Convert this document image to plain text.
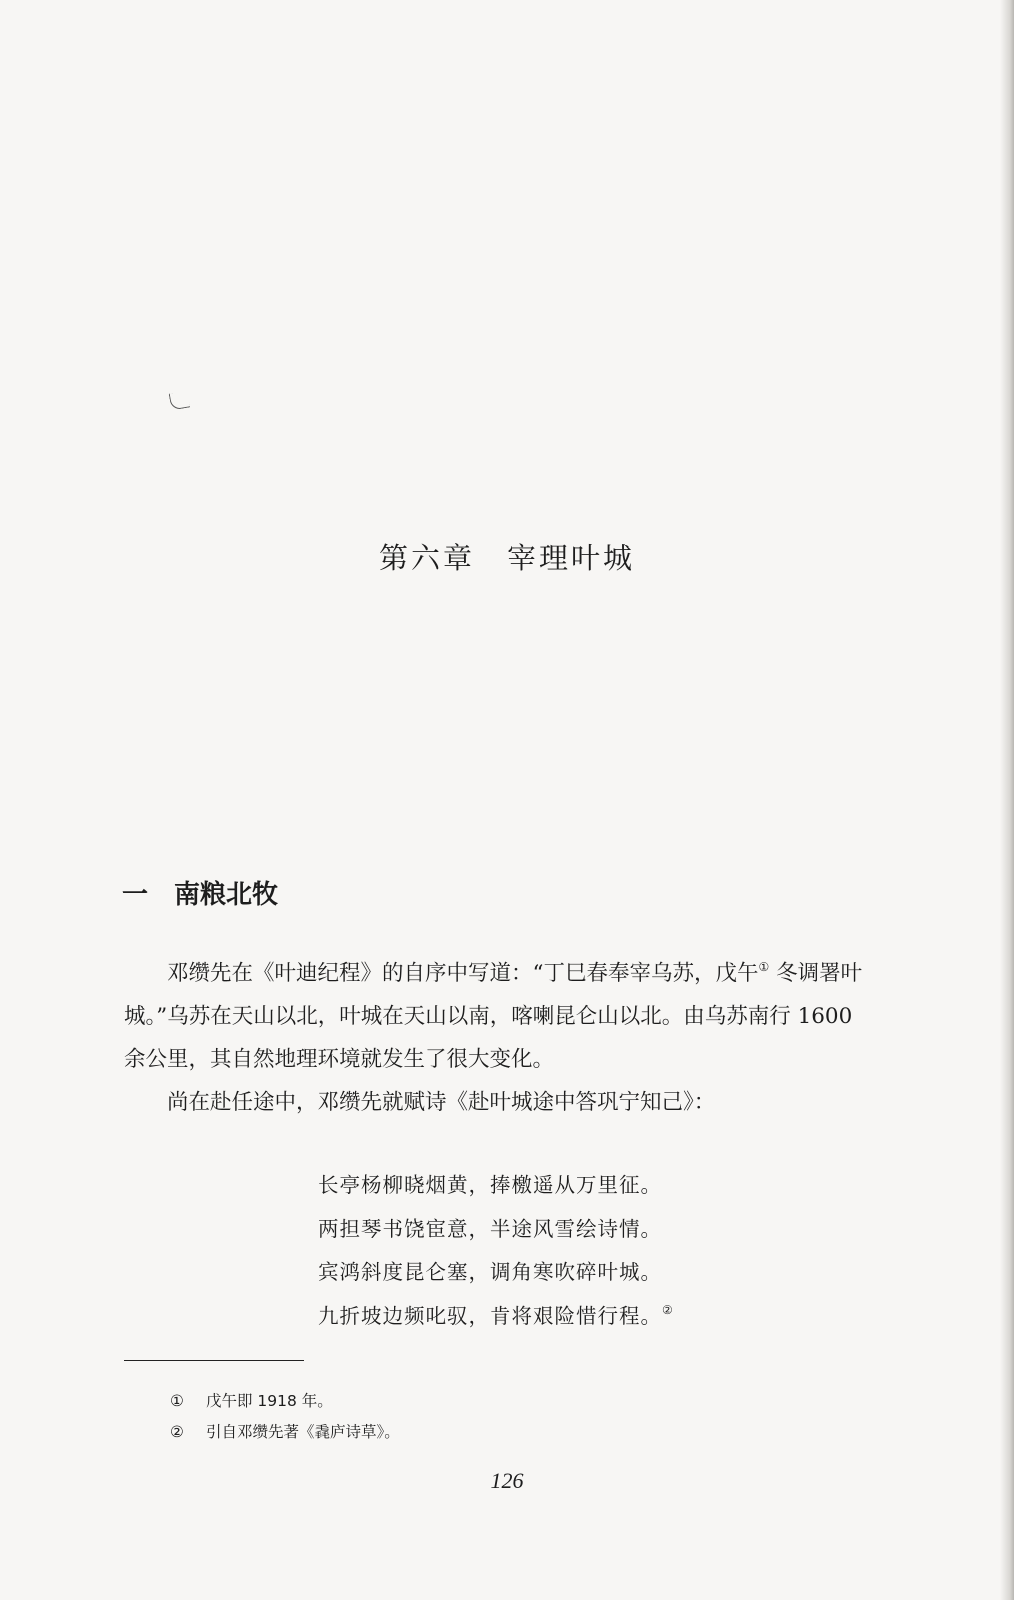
第六章　宰理叶城
一　南粮北牧

邓缵先在《叶迪纪程》的自序中写道：“丁巳春奉宰乌苏，戊午① 冬调署叶城。”乌苏在天山以北，叶城在天山以南，喀喇昆仑山以北。由乌苏南行 1600 余公里，其自然地理环境就发生了很大变化。

尚在赴任途中，邓缵先就赋诗《赴叶城途中答巩宁知己》：

长亭杨柳晓烟黄，捧檄遥从万里征。
两担琴书饶宦意，半途风雪绘诗情。
宾鸿斜度昆仑塞，调角寒吹碎叶城。
九折坡边频叱驭，肯将艰险惜行程。②
① 戊午即 1918 年。
② 引自邓缵先著《毳庐诗草》。
126
